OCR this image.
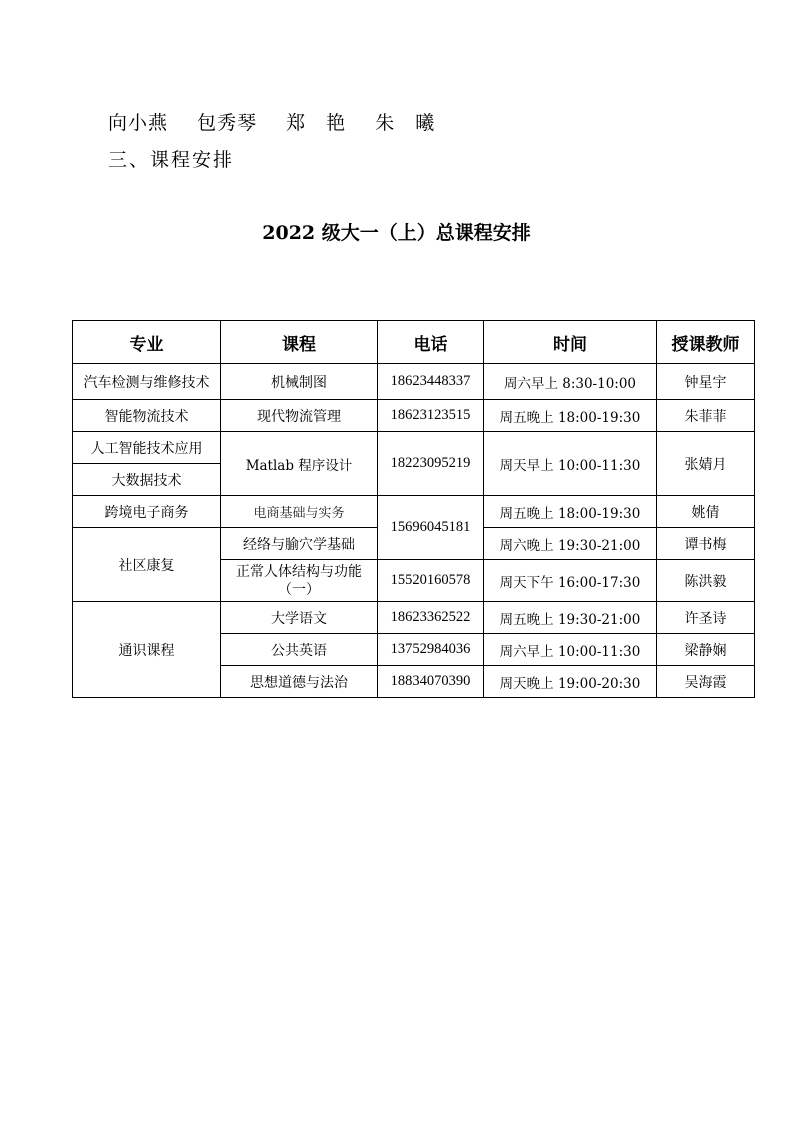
向小燕 包秀琴 郑　艳 朱　曦
三、课程安排
2022 级大一（上）总课程安排
专业	课程	电话	时间	授课教师
汽车检测与维修技术	机械制图	18623448337	周六早上 8:30-10:00	钟星宇
智能物流技术	现代物流管理	18623123515	周五晚上 18:00-19:30	朱菲菲
人工智能技术应用	Matlab 程序设计	18223095219	周天早上 10:00-11:30	张婧月
大数据技术				
跨境电子商务	电商基础与实务	15696045181	周五晚上 18:00-19:30	姚倩
社区康复	经络与腧穴学基础		周六晚上 19:30-21:00	谭书梅
	正常人体结构与功能（一）	15520160578	周天下午 16:00-17:30	陈洪毅
通识课程	大学语文	18623362522	周五晚上 19:30-21:00	许圣诗
	公共英语	13752984036	周六早上 10:00-11:30	梁静娴
	思想道德与法治	18834070390	周天晚上 19:00-20:30	吴海霞
